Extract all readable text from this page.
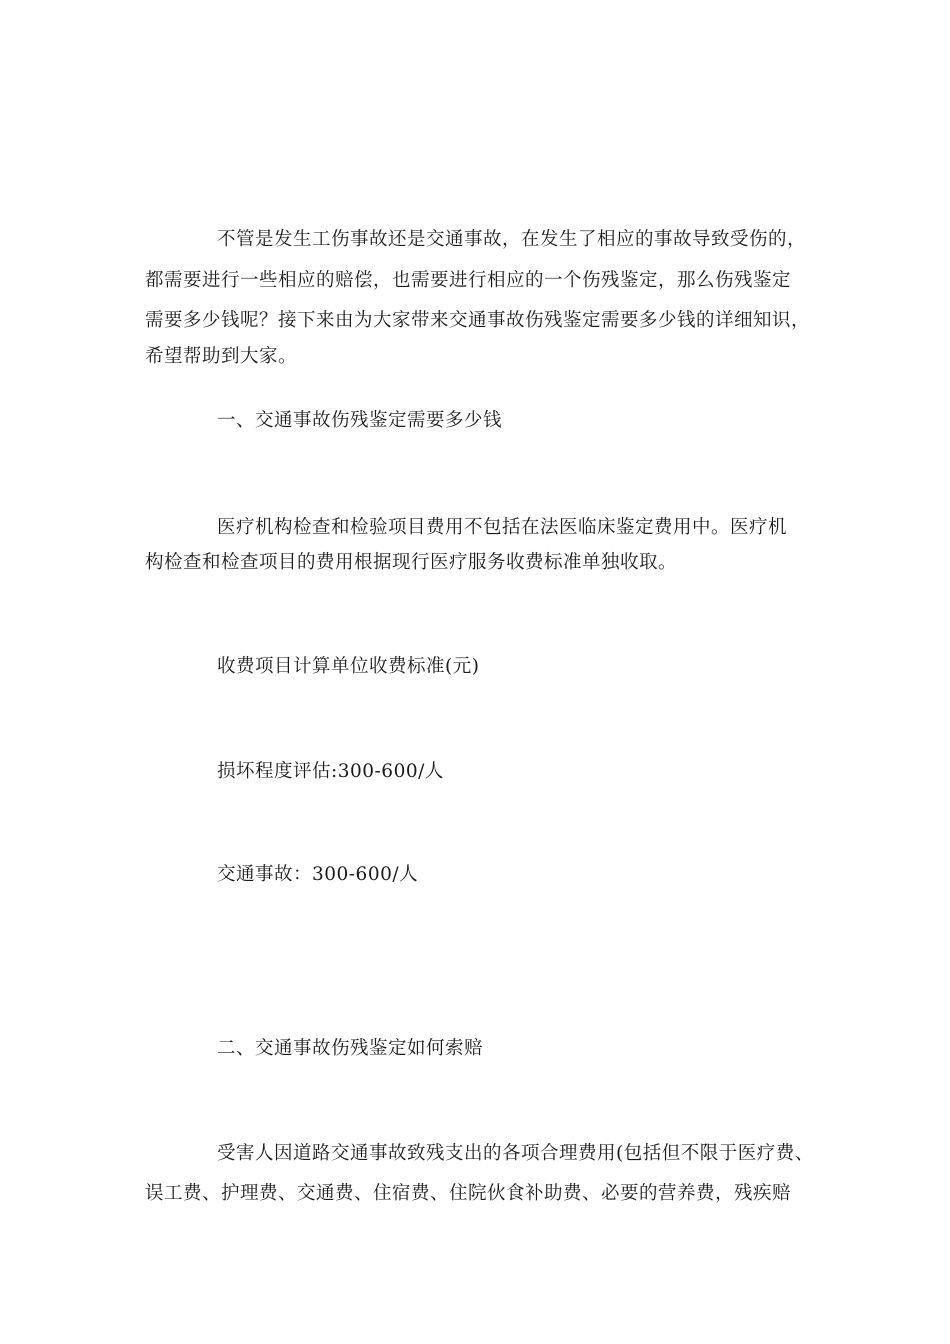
不管是发生工伤事故还是交通事故，在发生了相应的事故导致受伤的，
都需要进行一些相应的赔偿，也需要进行相应的一个伤残鉴定，那么伤残鉴定
需要多少钱呢？接下来由为大家带来交通事故伤残鉴定需要多少钱的详细知识，
希望帮助到大家。
一、交通事故伤残鉴定需要多少钱
医疗机构检查和检验项目费用不包括在法医临床鉴定费用中。医疗机
构检查和检查项目的费用根据现行医疗服务收费标准单独收取。
收费项目计算单位收费标准(元)
损坏程度评估:300-600/人
交通事故：300-600/人
二、交通事故伤残鉴定如何索赔
受害人因道路交通事故致残支出的各项合理费用(包括但不限于医疗费、
误工费、护理费、交通费、住宿费、住院伙食补助费、必要的营养费，残疾赔
